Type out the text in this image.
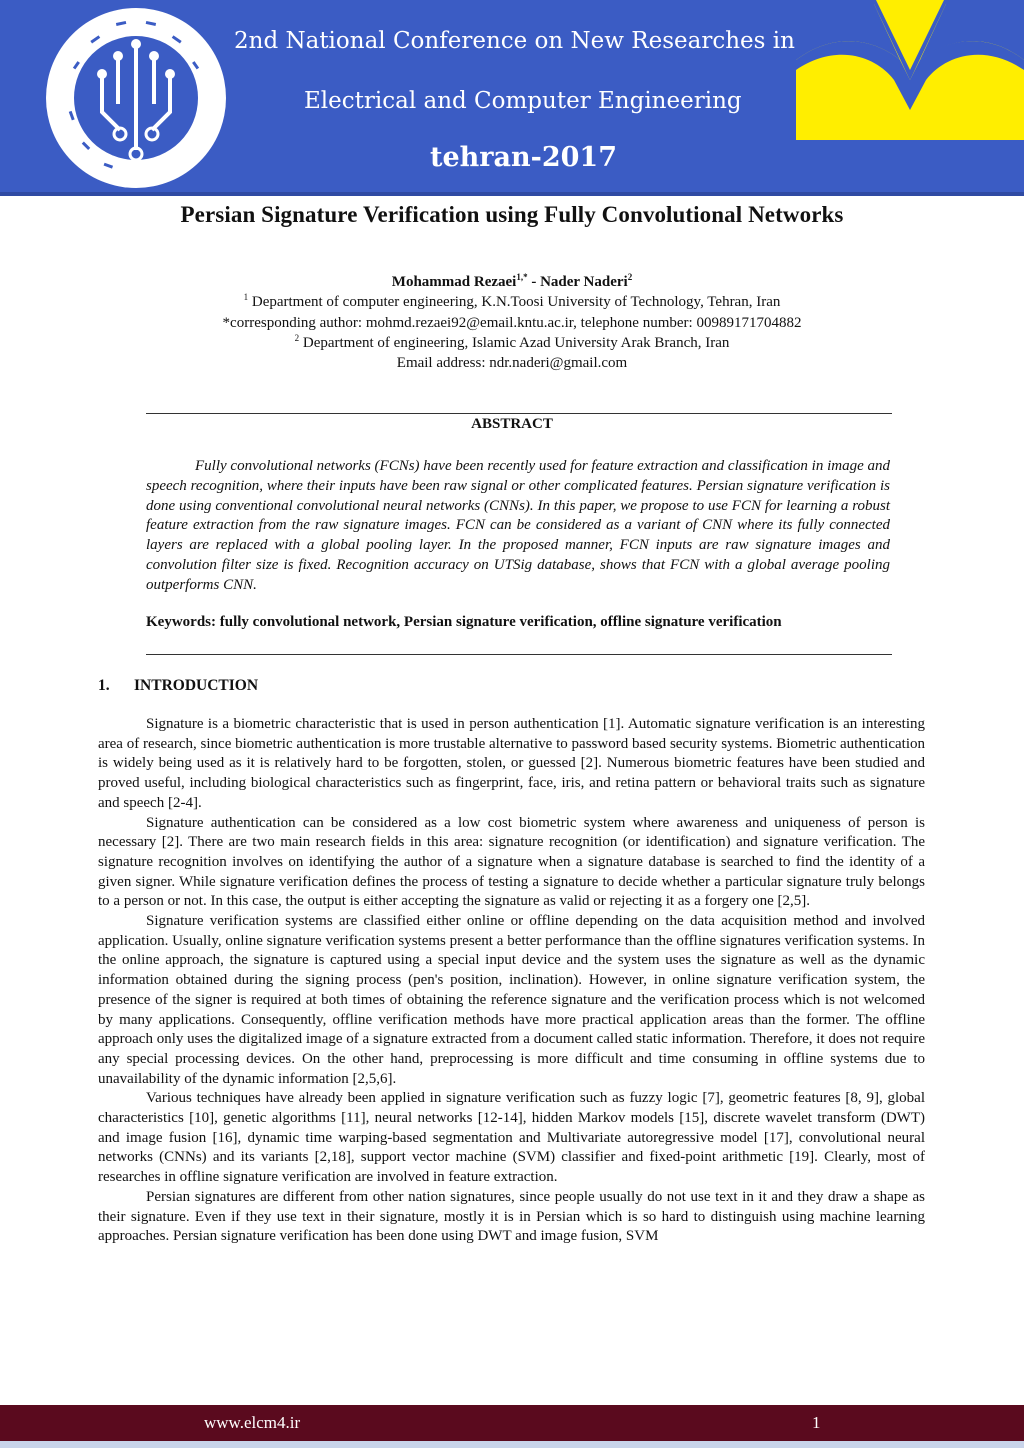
2nd National Conference on New Researches in
Electrical and Computer Engineering
tehran-2017
Persian Signature Verification using Fully Convolutional Networks
Mohammad Rezaei$^{1,*}$ - Nader Naderi$^2$
$^1$ Department of computer engineering, K.N.Toosi University of Technology, Tehran, Iran
*corresponding author: mohmd.rezaei92@email.kntu.ac.ir, telephone number: 00989171704882
$^2$ Department of engineering, Islamic Azad University Arak Branch, Iran
Email address: ndr.naderi@gmail.com
ABSTRACT

Fully convolutional networks (FCNs) have been recently used for feature extraction and classification in image and speech recognition, where their inputs have been raw signal or other complicated features. Persian signature verification is done using conventional convolutional neural networks (CNNs). In this paper, we propose to use FCN for learning a robust feature extraction from the raw signature images. FCN can be considered as a variant of CNN where its fully connected layers are replaced with a global pooling layer. In the proposed manner, FCN inputs are raw signature images and convolution filter size is fixed. Recognition accuracy on UTSig database, shows that FCN with a global average pooling outperforms CNN.

Keywords: fully convolutional network, Persian signature verification, offline signature verification
1. INTRODUCTION

Signature is a biometric characteristic that is used in person authentication [1]. Automatic signature verification is an interesting area of research, since biometric authentication is more trustable alternative to password based security systems. Biometric authentication is widely being used as it is relatively hard to be forgotten, stolen, or guessed [2]. Numerous biometric features have been studied and proved useful, including biological characteristics such as fingerprint, face, iris, and retina pattern or behavioral traits such as signature and speech [2-4].

Signature authentication can be considered as a low cost biometric system where awareness and uniqueness of person is necessary [2]. There are two main research fields in this area: signature recognition (or identification) and signature verification. The signature recognition involves on identifying the author of a signature when a signature database is searched to find the identity of a given signer. While signature verification defines the process of testing a signature to decide whether a particular signature truly belongs to a person or not. In this case, the output is either accepting the signature as valid or rejecting it as a forgery one [2,5].

Signature verification systems are classified either online or offline depending on the data acquisition method and involved application. Usually, online signature verification systems present a better performance than the offline signatures verification systems. In the online approach, the signature is captured using a special input device and the system uses the signature as well as the dynamic information obtained during the signing process (pen's position, inclination). However, in online signature verification system, the presence of the signer is required at both times of obtaining the reference signature and the verification process which is not welcomed by many applications. Consequently, offline verification methods have more practical application areas than the former. The offline approach only uses the digitalized image of a signature extracted from a document called static information. Therefore, it does not require any special processing devices. On the other hand, preprocessing is more difficult and time consuming in offline systems due to unavailability of the dynamic information [2,5,6].

Various techniques have already been applied in signature verification such as fuzzy logic [7], geometric features [8, 9], global characteristics [10], genetic algorithms [11], neural networks [12-14], hidden Markov models [15], discrete wavelet transform (DWT) and image fusion [16], dynamic time warping-based segmentation and Multivariate autoregressive model [17], convolutional neural networks (CNNs) and its variants [2,18], support vector machine (SVM) classifier and fixed-point arithmetic [19]. Clearly, most of researches in offline signature verification are involved in feature extraction.

Persian signatures are different from other nation signatures, since people usually do not use text in it and they draw a shape as their signature. Even if they use text in their signature, mostly it is in Persian which is so hard to distinguish using machine learning approaches. Persian signature verification has been done using DWT and image fusion, SVM

www.elcm4.ir	1
